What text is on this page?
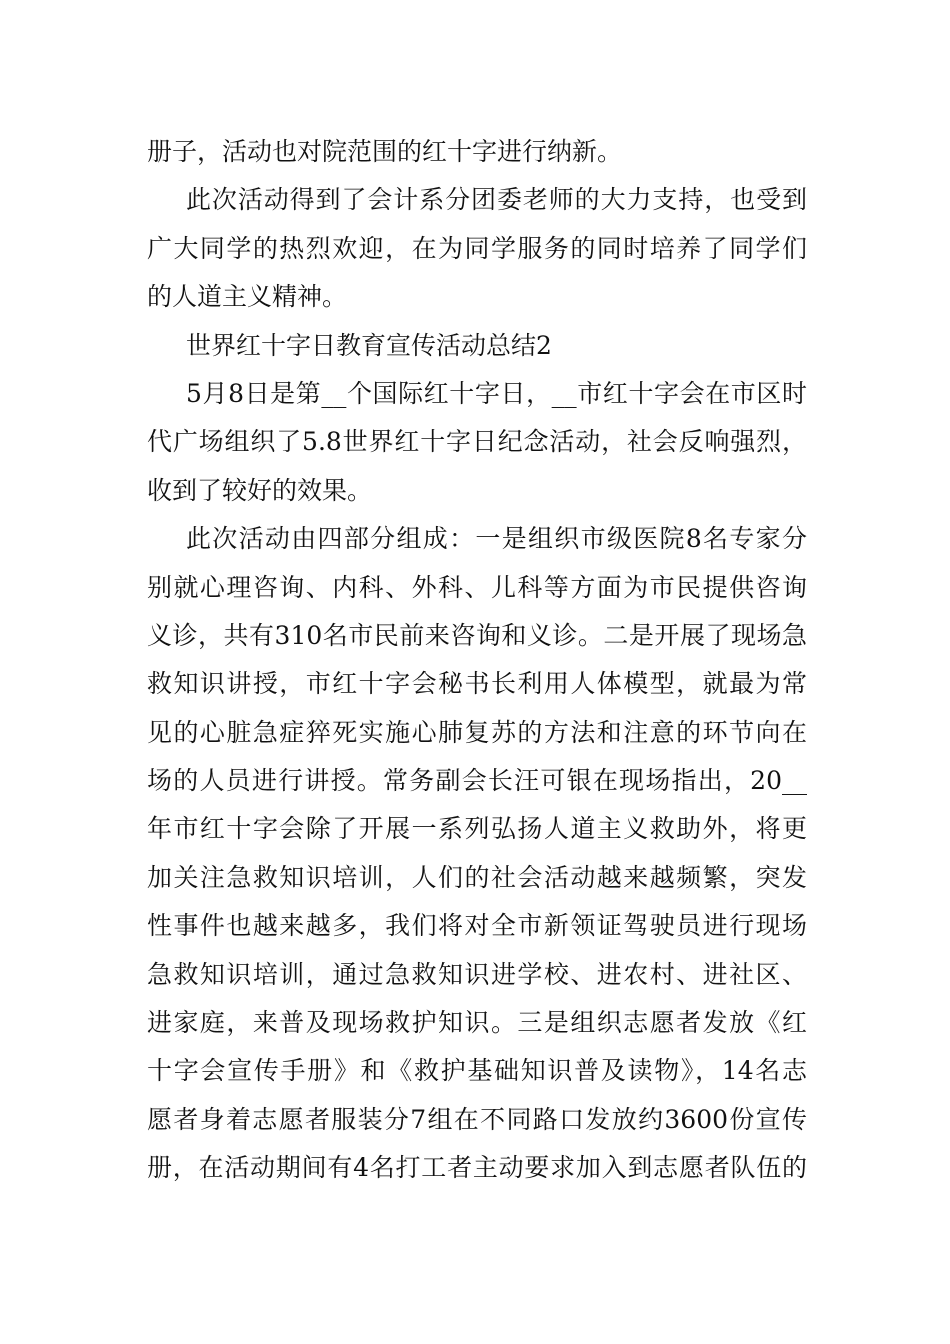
册子，活动也对院范围的红十字进行纳新。
此次活动得到了会计系分团委老师的大力支持，也受到
广大同学的热烈欢迎，在为同学服务的同时培养了同学们
的人道主义精神。
世界红十字日教育宣传活动总结2
5月8日是第__个国际红十字日，__市红十字会在市区时
代广场组织了5.8世界红十字日纪念活动，社会反响强烈，
收到了较好的效果。
此次活动由四部分组成：一是组织市级医院8名专家分
别就心理咨询、内科、外科、儿科等方面为市民提供咨询
义诊，共有310名市民前来咨询和义诊。二是开展了现场急
救知识讲授，市红十字会秘书长利用人体模型，就最为常
见的心脏急症猝死实施心肺复苏的方法和注意的环节向在
场的人员进行讲授。常务副会长汪可银在现场指出，20__
年市红十字会除了开展一系列弘扬人道主义救助外，将更
加关注急救知识培训，人们的社会活动越来越频繁，突发
性事件也越来越多，我们将对全市新领证驾驶员进行现场
急救知识培训，通过急救知识进学校、进农村、进社区、
进家庭，来普及现场救护知识。三是组织志愿者发放《红
十字会宣传手册》和《救护基础知识普及读物》，14名志
愿者身着志愿者服装分7组在不同路口发放约3600份宣传
册，在活动期间有4名打工者主动要求加入到志愿者队伍的
